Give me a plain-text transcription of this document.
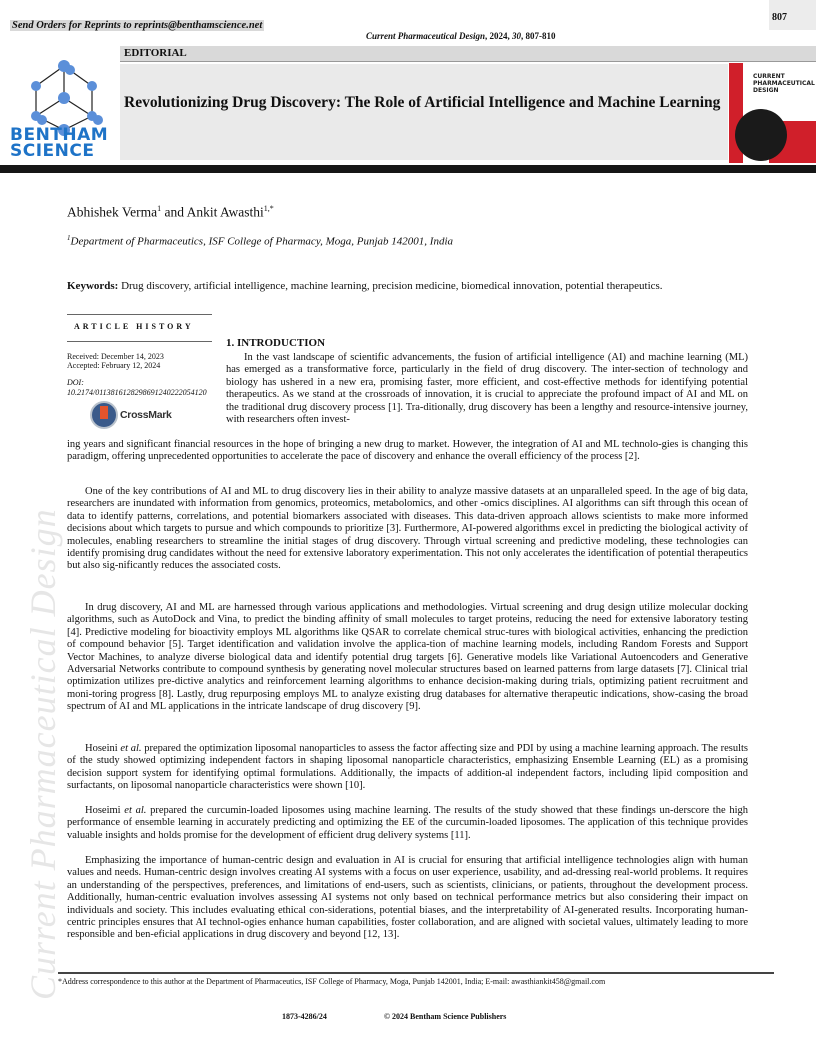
Send Orders for Reprints to reprints@benthamscience.net
807
Current Pharmaceutical Design, 2024, 30, 807-810
EDITORIAL
BENTHAM
SCIENCE
Revolutionizing Drug Discovery: The Role of Artificial Intelligence and Machine Learning
CURRENT
PHARMACEUTICAL
DESIGN
Abhishek Verma$^1$ and Ankit Awasthi$^{1,*}$
$^1$Department of Pharmaceutics, ISF College of Pharmacy, Moga, Punjab 142001, India
Keywords: Drug discovery, artificial intelligence, machine learning, precision medicine, biomedical innovation, potential therapeutics.
ARTICLE HISTORY
Received: December 14, 2023
Accepted: February 12, 2024
DOI:
10.2174/0113816128298691240222054120
CrossMark
1. INTRODUCTION

In the vast landscape of scientific advancements, the fusion of artificial intelligence (AI) and machine learning (ML) has emerged as a transformative force, particularly in the field of drug discovery. The inter-section of technology and biology has ushered in a new era, promising faster, more efficient, and cost-effective methods for identifying potential therapeutics. As we stand at the crossroads of innovation, it is crucial to appreciate the profound impact of AI and ML on the traditional drug discovery process [1]. Tra-ditionally, drug discovery has been a lengthy and resource-intensive journey, with researchers often invest-

ing years and significant financial resources in the hope of bringing a new drug to market. However, the integration of AI and ML technolo-gies is changing this paradigm, offering unprecedented opportunities to accelerate the pace of discovery and enhance the overall efficiency of the process [2].

One of the key contributions of AI and ML to drug discovery lies in their ability to analyze massive datasets at an unparalleled speed. In the age of big data, researchers are inundated with information from genomics, proteomics, metabolomics, and other -omics disciplines. AI algorithms can sift through this ocean of data to identify patterns, correlations, and potential biomarkers associated with diseases. This data-driven approach allows scientists to make more informed decisions about which targets to pursue and which compounds to prioritize [3]. Furthermore, AI-powered algorithms excel in predicting the biological activity of molecules, enabling researchers to streamline the initial stages of drug discovery. Through virtual screening and predictive modeling, these technologies can identify promising drug candidates without the need for extensive laboratory experimentation. This not only accelerates the identification of potential therapeutics but also sig-nificantly reduces the associated costs.

In drug discovery, AI and ML are harnessed through various applications and methodologies. Virtual screening and drug design utilize molecular docking algorithms, such as AutoDock and Vina, to predict the binding affinity of small molecules to target proteins, reducing the need for extensive laboratory testing [4]. Predictive modeling for bioactivity employs ML algorithms like QSAR to correlate chemical struc-tures with biological activities, enhancing the prediction of compound behavior [5]. Target identification and validation involve the applica-tion of machine learning models, including Random Forests and Support Vector Machines, to analyze diverse biological data and identify potential drug targets [6]. Generative models like Variational Autoencoders and Generative Adversarial Networks contribute to compound synthesis by generating novel molecular structures based on learned patterns from large datasets [7]. Clinical trial optimization utilizes pre-dictive analytics and reinforcement learning algorithms to enhance decision-making during trials, optimizing patient recruitment and moni-toring progress [8]. Lastly, drug repurposing employs ML to analyze existing drug databases for alternative therapeutic indications, show-casing the broad spectrum of AI and ML applications in the intricate landscape of drug discovery [9].

Hoseini et al. prepared the optimization liposomal nanoparticles to assess the factor affecting size and PDI by using a machine learning approach. The results of the study showed optimizing independent factors in shaping liposomal nanoparticle characteristics, emphasizing Ensemble Learning (EL) as a promising decision support system for identifying optimal formulations. Additionally, the impacts of addition-al independent factors, including lipid composition and surfactants, on liposomal nanoparticle characteristics were shown [10].

Hoseimi et al. prepared the curcumin-loaded liposomes using machine learning. The results of the study showed that these findings un-derscore the high performance of ensemble learning in accurately predicting and optimizing the EE of the curcumin-loaded liposomes. The application of this technique provides valuable insights and holds promise for the development of efficient drug delivery systems [11].

Emphasizing the importance of human-centric design and evaluation in AI is crucial for ensuring that artificial intelligence technologies align with human values and needs. Human-centric design involves creating AI systems with a focus on user experience, usability, and ad-dressing real-world problems. It requires an understanding of the perspectives, preferences, and limitations of end-users, such as scientists, clinicians, or patients, throughout the development process. Additionally, human-centric evaluation involves assessing AI systems not only based on technical performance metrics but also considering their impact on individuals and society. This includes evaluating ethical con-siderations, potential biases, and the interpretability of AI-generated results. Incorporating human-centric principles ensures that AI technol-ogies enhance human capabilities, foster collaboration, and are aligned with societal values, ultimately leading to more responsible and ben-eficial applications in drug discovery and beyond [12, 13].

Current Pharmaceutical Design
*Address correspondence to this author at the Department of Pharmaceutics, ISF College of Pharmacy, Moga, Punjab 142001, India; E-mail: awasthiankit458@gmail.com
1873-4286/24	© 2024 Bentham Science Publishers
